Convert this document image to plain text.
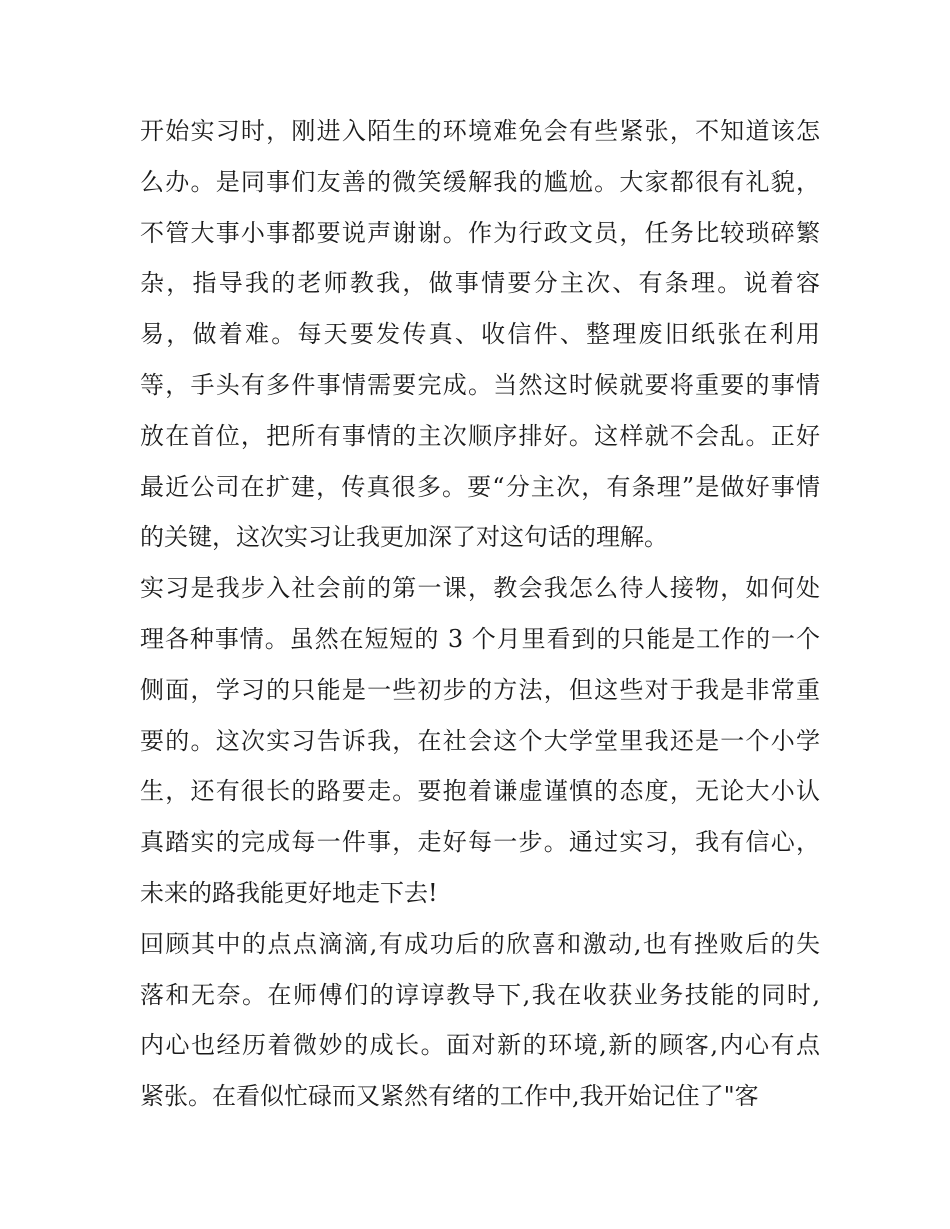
开始实习时，刚进入陌生的环境难免会有些紧张，不知道该怎
么办。是同事们友善的微笑缓解我的尴尬。大家都很有礼貌，
不管大事小事都要说声谢谢。作为行政文员，任务比较琐碎繁
杂，指导我的老师教我，做事情要分主次、有条理。说着容
易，做着难。每天要发传真、收信件、整理废旧纸张在利用
等，手头有多件事情需要完成。当然这时候就要将重要的事情
放在首位，把所有事情的主次顺序排好。这样就不会乱。正好
最近公司在扩建，传真很多。要“分主次，有条理”是做好事情
的关键，这次实习让我更加深了对这句话的理解。
实习是我步入社会前的第一课，教会我怎么待人接物，如何处
理各种事情。虽然在短短的 3 个月里看到的只能是工作的一个
侧面，学习的只能是一些初步的方法，但这些对于我是非常重
要的。这次实习告诉我，在社会这个大学堂里我还是一个小学
生，还有很长的路要走。要抱着谦虚谨慎的态度，无论大小认
真踏实的完成每一件事，走好每一步。通过实习，我有信心，
未来的路我能更好地走下去!
回顾其中的点点滴滴,有成功后的欣喜和激动,也有挫败后的失
落和无奈。在师傅们的谆谆教导下,我在收获业务技能的同时,
内心也经历着微妙的成长。面对新的环境,新的顾客,内心有点
紧张。在看似忙碌而又紧然有绪的工作中,我开始记住了"客
